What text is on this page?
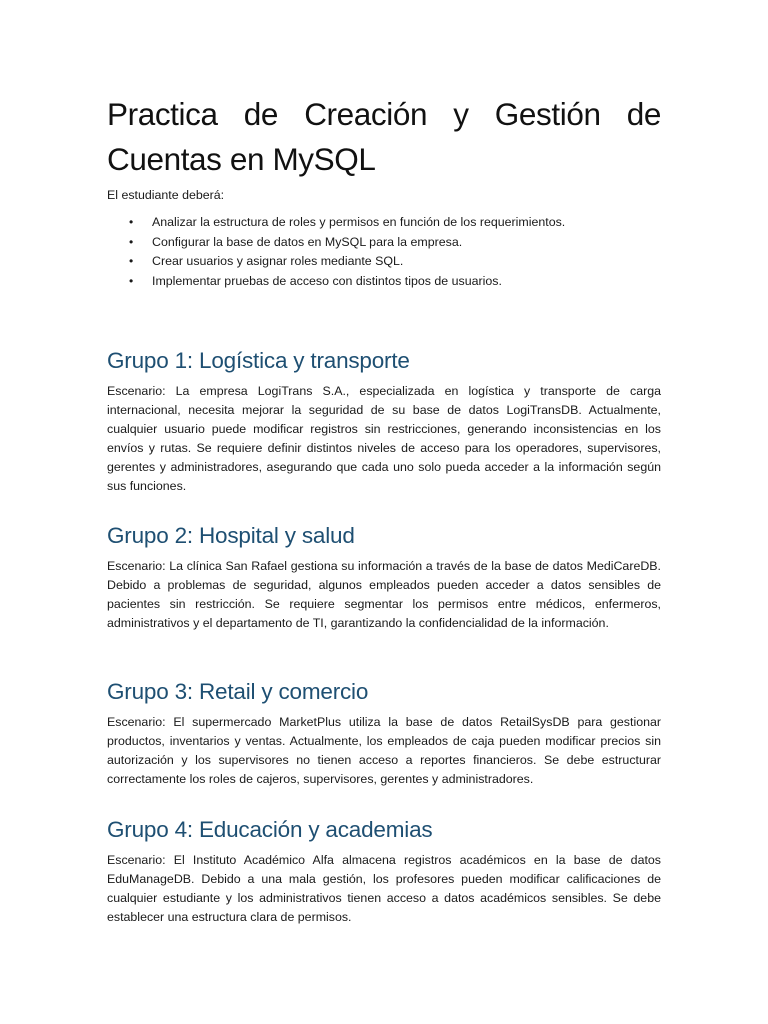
Practica de Creación y Gestión de Cuentas en MySQL

El estudiante deberá:

• Analizar la estructura de roles y permisos en función de los requerimientos.
• Configurar la base de datos en MySQL para la empresa.
• Crear usuarios y asignar roles mediante SQL.
• Implementar pruebas de acceso con distintos tipos de usuarios.
Grupo 1: Logística y transporte

Escenario: La empresa LogiTrans S.A., especializada en logística y transporte de carga internacional, necesita mejorar la seguridad de su base de datos LogiTransDB. Actualmente, cualquier usuario puede modificar registros sin restricciones, generando inconsistencias en los envíos y rutas. Se requiere definir distintos niveles de acceso para los operadores, supervisores, gerentes y administradores, asegurando que cada uno solo pueda acceder a la información según sus funciones.

Grupo 2: Hospital y salud

Escenario: La clínica San Rafael gestiona su información a través de la base de datos MediCareDB. Debido a problemas de seguridad, algunos empleados pueden acceder a datos sensibles de pacientes sin restricción. Se requiere segmentar los permisos entre médicos, enfermeros, administrativos y el departamento de TI, garantizando la confidencialidad de la información.

Grupo 3: Retail y comercio

Escenario: El supermercado MarketPlus utiliza la base de datos RetailSysDB para gestionar productos, inventarios y ventas. Actualmente, los empleados de caja pueden modificar precios sin autorización y los supervisores no tienen acceso a reportes financieros. Se debe estructurar correctamente los roles de cajeros, supervisores, gerentes y administradores.

Grupo 4: Educación y academias

Escenario: El Instituto Académico Alfa almacena registros académicos en la base de datos EduManageDB. Debido a una mala gestión, los profesores pueden modificar calificaciones de cualquier estudiante y los administrativos tienen acceso a datos académicos sensibles. Se debe establecer una estructura clara de permisos.
